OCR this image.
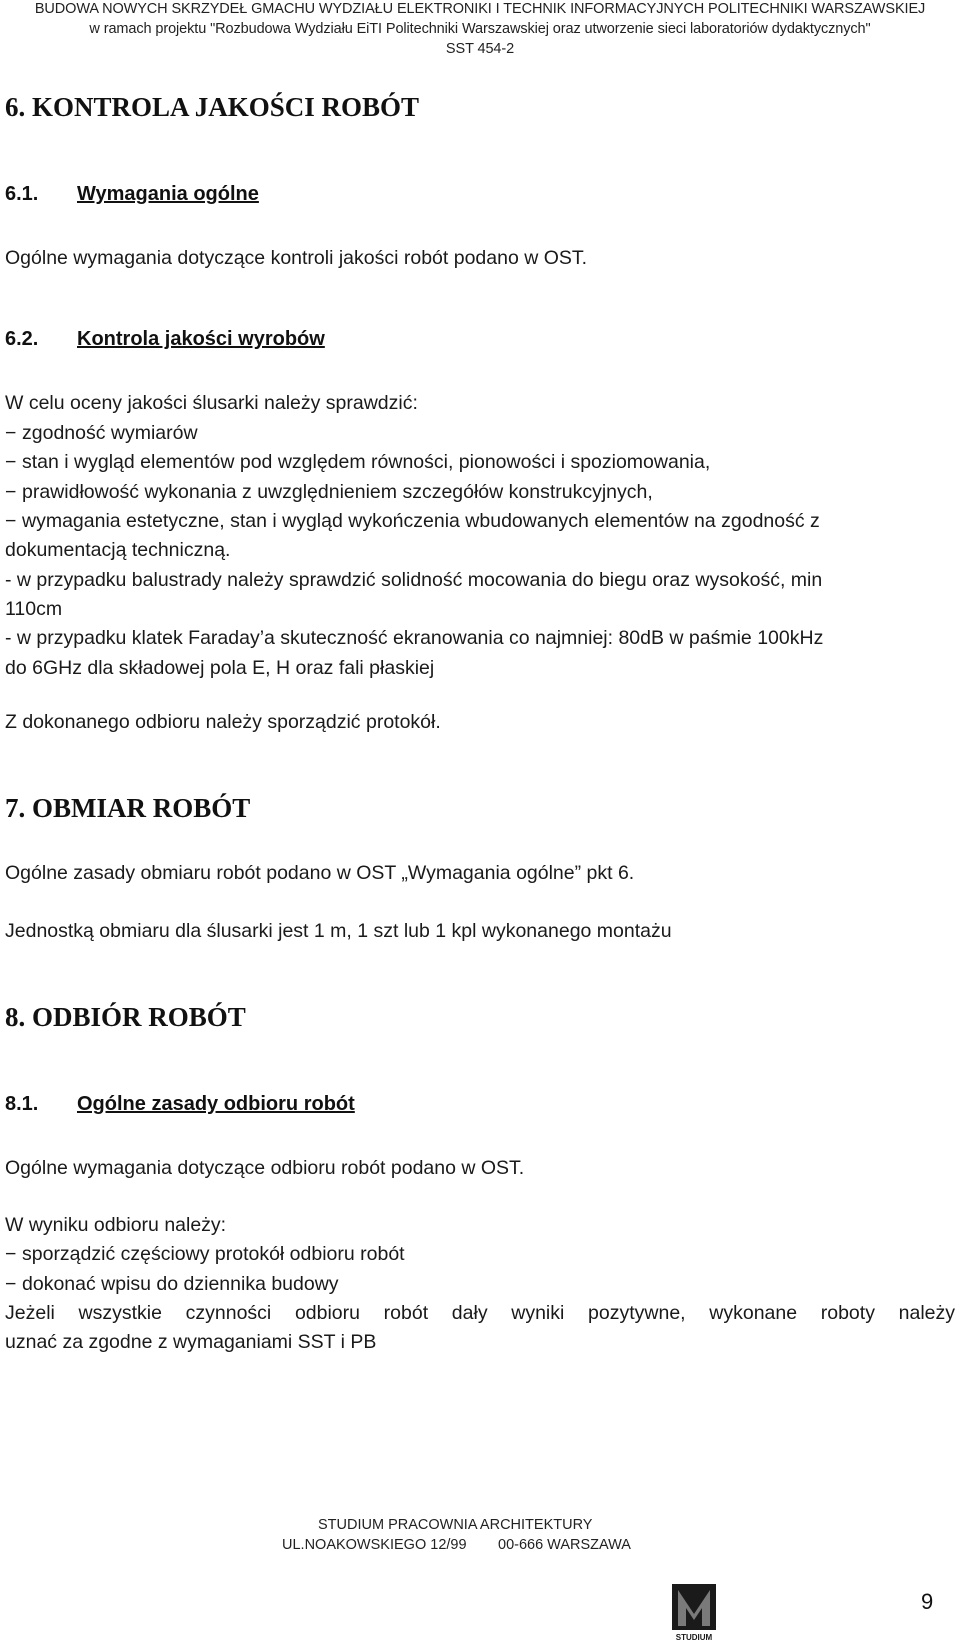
BUDOWA NOWYCH SKRZYDEŁ GMACHU WYDZIAŁU ELEKTRONIKI I TECHNIK INFORMACYJNYCH POLITECHNIKI WARSZAWSKIEJ
w ramach projektu "Rozbudowa Wydziału EiTI Politechniki Warszawskiej oraz utworzenie sieci laboratoriów dydaktycznych"
SST 454-2
6. KONTROLA JAKOŚCI ROBÓT
6.1. Wymagania ogólne
Ogólne wymagania dotyczące kontroli jakości robót podano w OST.
6.2. Kontrola jakości wyrobów
W celu oceny jakości ślusarki należy sprawdzić:
− zgodność wymiarów
− stan i wygląd elementów pod względem równości, pionowości i spoziomowania,
− prawidłowość wykonania z uwzględnieniem szczegółów konstrukcyjnych,
− wymagania estetyczne, stan i wygląd wykończenia wbudowanych elementów na zgodność z
dokumentacją techniczną.
- w przypadku balustrady należy sprawdzić solidność mocowania do biegu oraz wysokość, min
110cm
- w przypadku klatek Faraday’a skuteczność ekranowania co najmniej: 80dB w paśmie 100kHz
do 6GHz dla składowej pola E, H oraz fali płaskiej
Z dokonanego odbioru należy sporządzić protokół.
7. OBMIAR ROBÓT
Ogólne zasady obmiaru robót podano w OST „Wymagania ogólne” pkt 6.
Jednostką obmiaru dla ślusarki jest 1 m, 1 szt lub 1 kpl wykonanego montażu
8. ODBIÓR ROBÓT
8.1. Ogólne zasady odbioru robót
Ogólne wymagania dotyczące odbioru robót podano w OST.
W wyniku odbioru należy:
− sporządzić częściowy protokół odbioru robót
− dokonać wpisu do dziennika budowy
Jeżeli wszystkie czynności odbioru robót dały wyniki pozytywne, wykonane roboty należy
uznać za zgodne z wymaganiami SST i PB
STUDIUM PRACOWNIA ARCHITEKTURY
UL.NOAKOWSKIEGO 12/99 00-666 WARSZAWA
STUDIUM
9
